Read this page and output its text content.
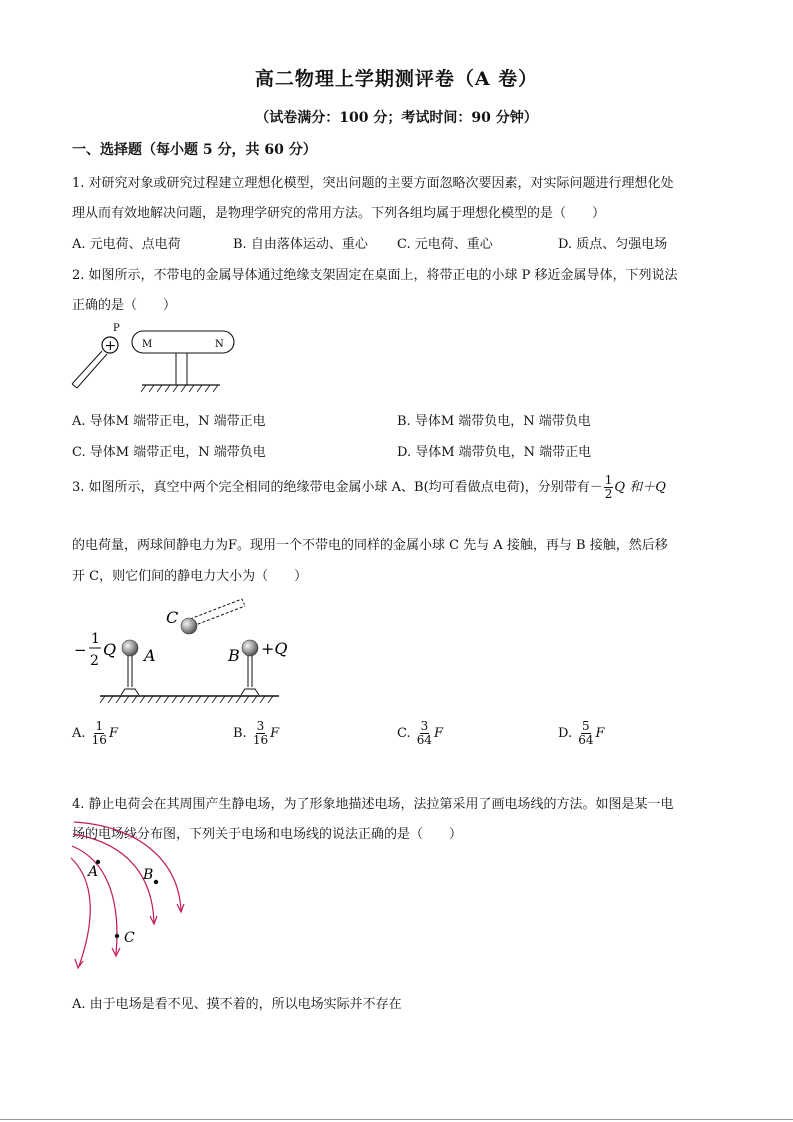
高二物理上学期测评卷（A 卷）
（试卷满分：100 分；考试时间：90 分钟）
一、选择题（每小题 5 分，共 60 分）
1. 对研究对象或研究过程建立理想化模型，突出问题的主要方面忽略次要因素，对实际问题进行理想化处
理从而有效地解决问题，是物理学研究的常用方法。下列各组均属于理想化模型的是（　　）
A. 元电荷、点电荷	B. 自由落体运动、重心 C. 元电荷、重心	D. 质点、匀强电场
2. 如图所示，不带电的金属导体通过绝缘支架固定在桌面上，将带正电的小球 P 移近金属导体，下列说法
正确的是（　　）
P
+	M	N
A. 导体M 端带正电，N 端带正电	B. 导体M 端带负电，N 端带负电
C. 导体M 端带正电，N 端带负电	D. 导体M 端带负电，N 端带正电
3. 如图所示，真空中两个完全相同的绝缘带电金属小球 A、B(均可看做点电荷)，分别带有－ $\frac{1}{2}$ Q 和＋Q
的电荷量，两球间静电力为F。现用一个不带电的同样的金属小球 C 先与 A 接触，再与 B 接触，然后移
开 C，则它们间的静电力大小为（　　）
C
−
1
2
Q A	B +Q
A. $\frac{1}{16}$ F	B. $\frac{3}{16}$ F	C. $\frac{3}{64}$ F	D. $\frac{5}{64}$ F
4. 静止电荷会在其周围产生静电场，为了形象地描述电场，法拉第采用了画电场线的方法。如图是某一电
场的电场线分布图，下列关于电场和电场线的说法正确的是（　　）
A	B
C
A. 由于电场是看不见、摸不着的，所以电场实际并不存在
